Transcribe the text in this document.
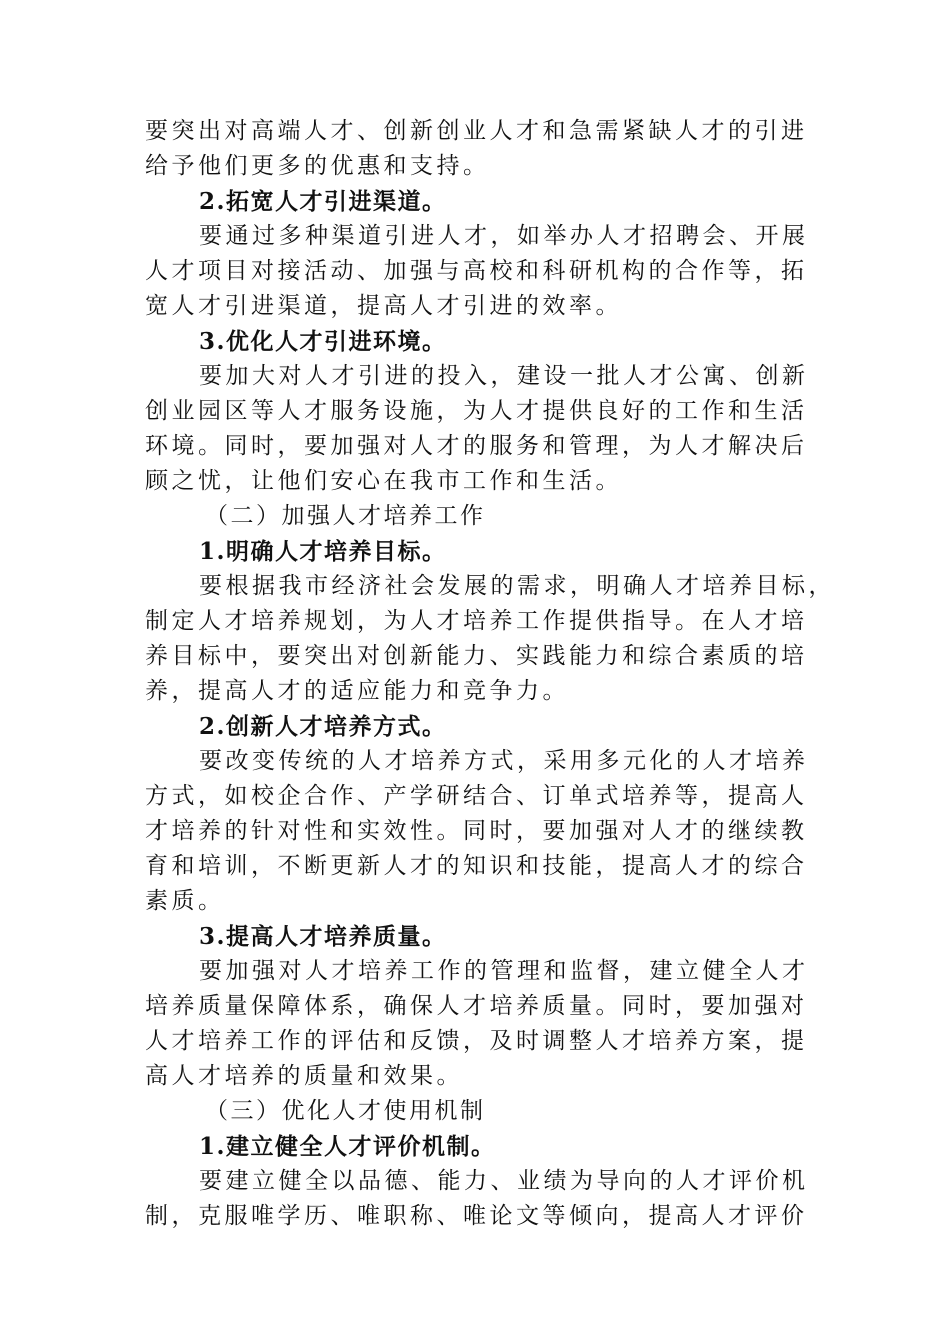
要突出对高端人才、创新创业人才和急需紧缺人才的引进
给予他们更多的优惠和支持。
2.拓宽人才引进渠道。
要通过多种渠道引进人才，如举办人才招聘会、开展
人才项目对接活动、加强与高校和科研机构的合作等，拓
宽人才引进渠道，提高人才引进的效率。
3.优化人才引进环境。
要加大对人才引进的投入，建设一批人才公寓、创新
创业园区等人才服务设施，为人才提供良好的工作和生活
环境。同时，要加强对人才的服务和管理，为人才解决后
顾之忧，让他们安心在我市工作和生活。
（二）加强人才培养工作
1.明确人才培养目标。
要根据我市经济社会发展的需求，明确人才培养目标，
制定人才培养规划，为人才培养工作提供指导。在人才培
养目标中，要突出对创新能力、实践能力和综合素质的培
养，提高人才的适应能力和竞争力。
2.创新人才培养方式。
要改变传统的人才培养方式，采用多元化的人才培养
方式，如校企合作、产学研结合、订单式培养等，提高人
才培养的针对性和实效性。同时，要加强对人才的继续教
育和培训，不断更新人才的知识和技能，提高人才的综合
素质。
3.提高人才培养质量。
要加强对人才培养工作的管理和监督，建立健全人才
培养质量保障体系，确保人才培养质量。同时，要加强对
人才培养工作的评估和反馈，及时调整人才培养方案，提
高人才培养的质量和效果。
（三）优化人才使用机制
1.建立健全人才评价机制。
要建立健全以品德、能力、业绩为导向的人才评价机
制，克服唯学历、唯职称、唯论文等倾向，提高人才评价
